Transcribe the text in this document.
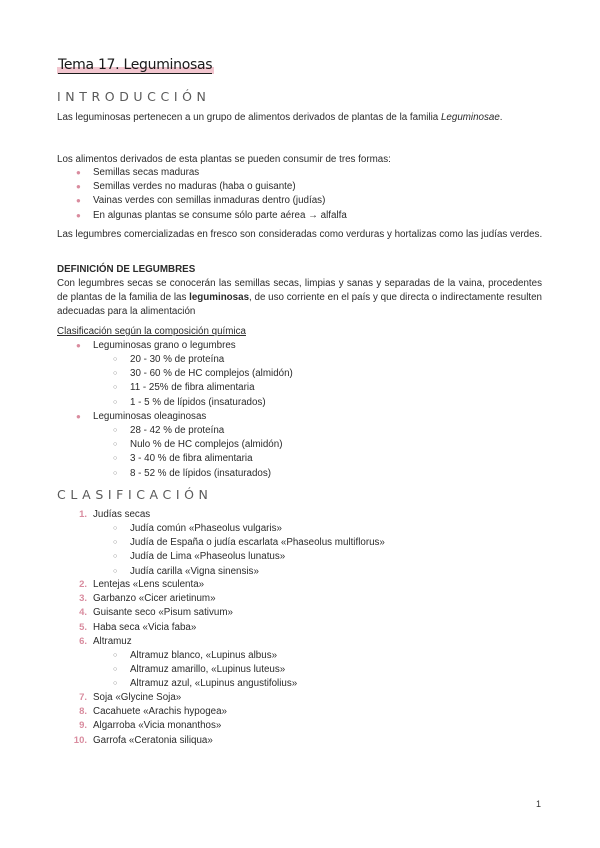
Tema 17. Leguminosas
INTRODUCCIÓN
Las leguminosas pertenecen a un grupo de alimentos derivados de plantas de la familia Leguminosae.
Los alimentos derivados de esta plantas se pueden consumir de tres formas:
● Semillas secas maduras
● Semillas verdes no maduras (haba o guisante)
● Vainas verdes con semillas inmaduras dentro (judías)
● En algunas plantas se consume sólo parte aérea → alfalfa
Las legumbres comercializadas en fresco son consideradas como verduras y hortalizas como las judías verdes.
DEFINICIÓN DE LEGUMBRES
Con legumbres secas se conocerán las semillas secas, limpias y sanas y separadas de la vaina, procedentes de plantas de la familia de las leguminosas, de uso corriente en el país y que directa o indirectamente resulten adecuadas para la alimentación
Clasificación según la composición química
● Leguminosas grano o legumbres
○ 20 - 30 % de proteína
○ 30 - 60 % de HC complejos (almidón)
○ 11 - 25% de fibra alimentaria
○ 1 - 5 % de lípidos (insaturados)
● Leguminosas oleaginosas
○ 28 - 42 % de proteína
○ Nulo % de HC complejos (almidón)
○ 3 - 40 % de fibra alimentaria
○ 8 - 52 % de lípidos (insaturados)
CLASIFICACIÓN
1. Judías secas
○ Judía común «Phaseolus vulgaris»
○ Judía de España o judía escarlata «Phaseolus multiflorus»
○ Judía de Lima «Phaseolus lunatus»
○ Judía carilla «Vigna sinensis»
2. Lentejas «Lens sculenta»
3. Garbanzo «Cicer arietinum»
4. Guisante seco «Pisum sativum»
5. Haba seca «Vicia faba»
6. Altramuz
○ Altramuz blanco, «Lupinus albus»
○ Altramuz amarillo, «Lupinus luteus»
○ Altramuz azul, «Lupinus angustifolius»
7. Soja «Glycine Soja»
8. Cacahuete «Arachis hypogea»
9. Algarroba «Vicia monanthos»
10. Garrofa «Ceratonia siliqua»
1
